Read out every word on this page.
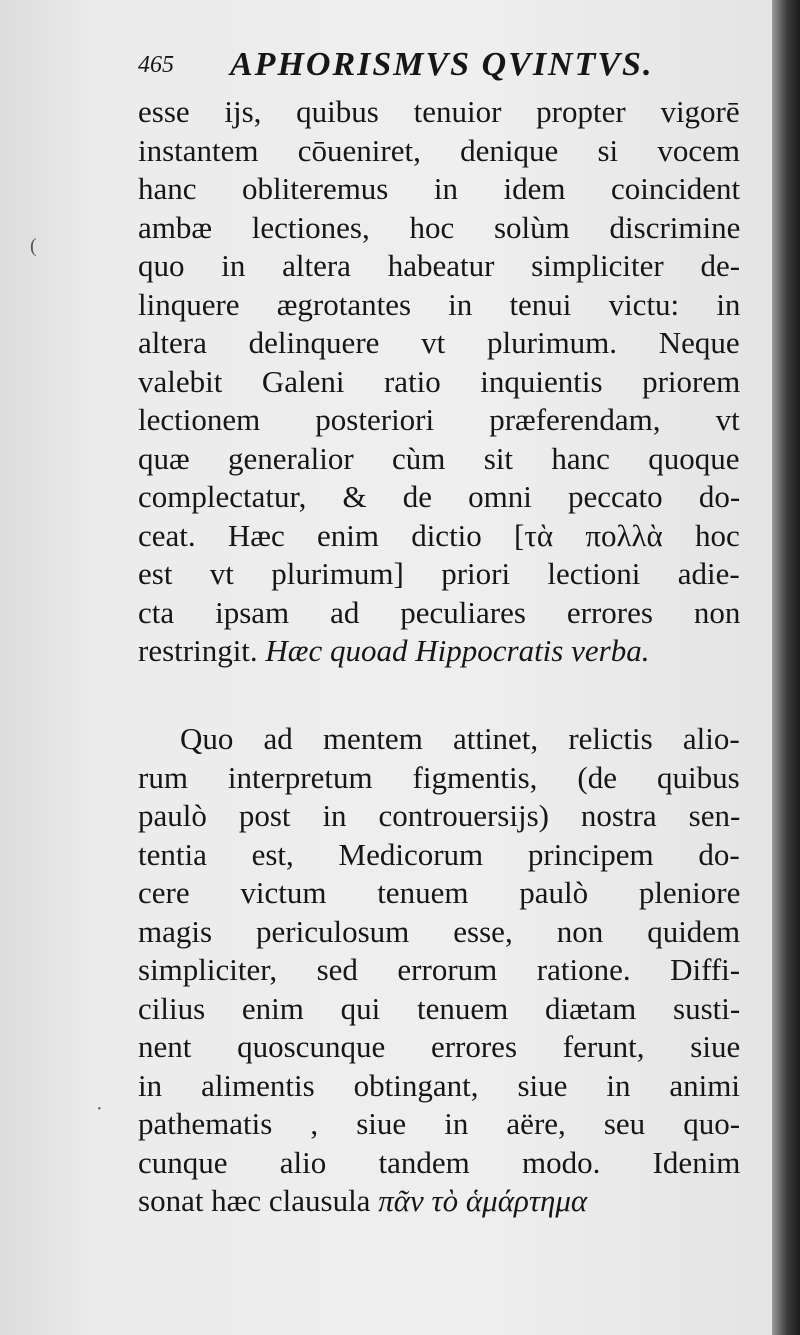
465 APHORISMVS QVINTVS.
esse ijs, quibus tenuior propter vigorē
instantem cōueniret, denique si vocem
hanc obliteremus in idem coincident
ambæ lectiones, hoc solùm discrimine
quo in altera habeatur simpliciter de-
linquere ægrotantes in tenui victu: in
altera delinquere vt plurimum. Neque
valebit Galeni ratio inquientis priorem
lectionem posteriori præferendam, vt
quæ generalior cùm sit hanc quoque
complectatur, & de omni peccato do-
ceat. Hæc enim dictio [τὰ πολλὰ hoc
est vt plurimum] priori lectioni adie-
cta ipsam ad peculiares errores non
restringit. Hæc quoad Hippocratis verba.
Quo ad mentem attinet, relictis alio-
rum interpretum figmentis, (de quibus
paulò post in controuersijs) nostra sen-
tentia est, Medicorum principem do-
cere victum tenuem paulò pleniore
magis periculosum esse, non quidem
simpliciter, sed errorum ratione. Diffi-
cilius enim qui tenuem diætam susti-
nent quoscunque errores ferunt, siue
in alimentis obtingant, siue in animi
pathematis , siue in aëre, seu quo-
cunque alio tandem modo. Idenim
sonat hæc clausula πᾶν τὸ ἁμάρτημα
(
·
